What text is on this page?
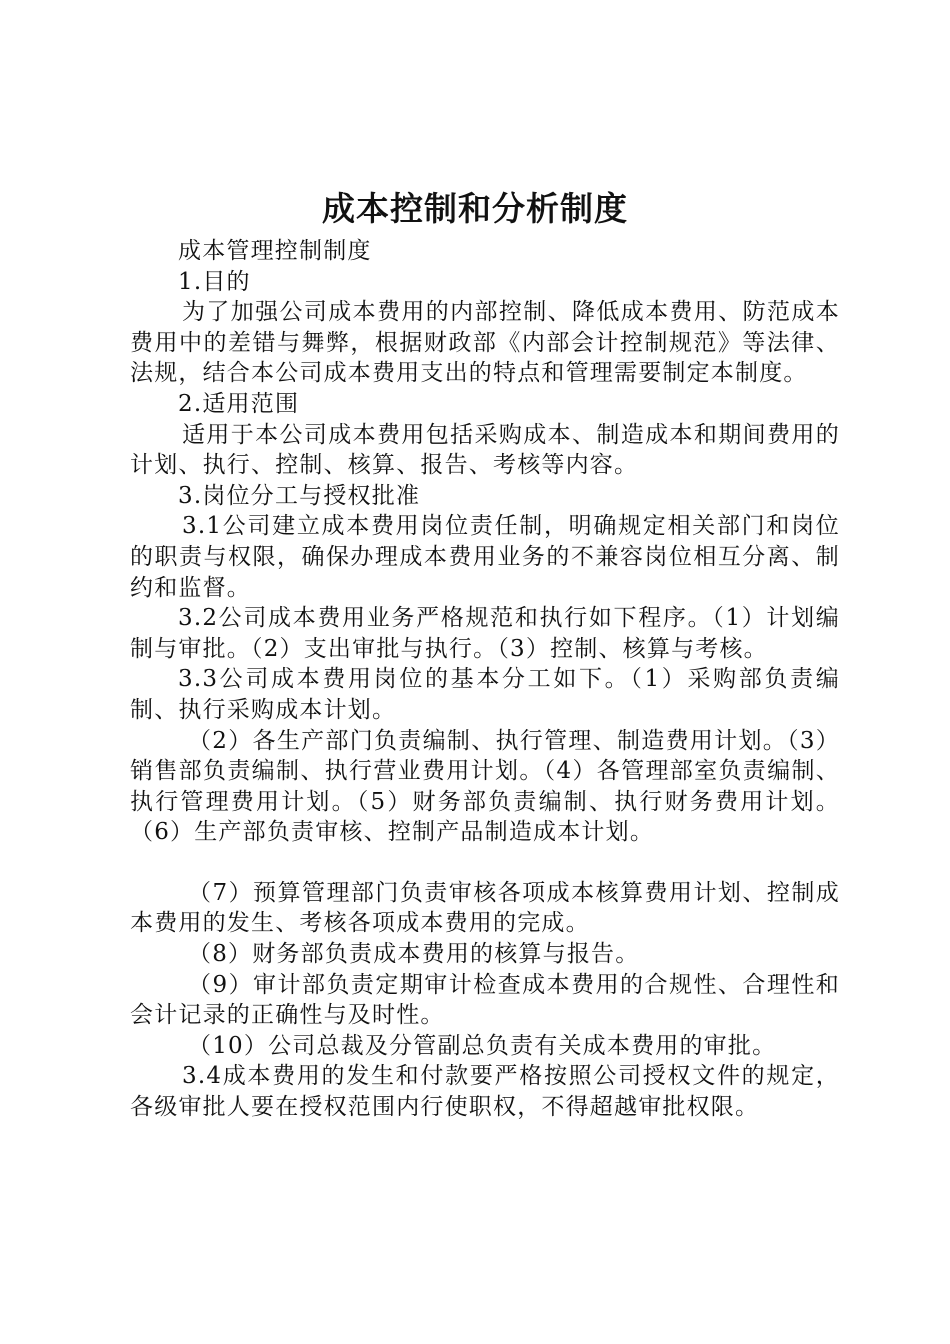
成本控制和分析制度

成本管理控制制度

1.目的

为了加强公司成本费用的内部控制、降低成本费用、防范成本费用中的差错与舞弊，根据财政部《内部会计控制规范》等法律、法规，结合本公司成本费用支出的特点和管理需要制定本制度。

2.适用范围

适用于本公司成本费用包括采购成本、制造成本和期间费用的计划、执行、控制、核算、报告、考核等内容。

3.岗位分工与授权批准

3.1公司建立成本费用岗位责任制，明确规定相关部门和岗位的职责与权限，确保办理成本费用业务的不兼容岗位相互分离、制约和监督。

3.2公司成本费用业务严格规范和执行如下程序。（1）计划编制与审批。（2）支出审批与执行。（3）控制、核算与考核。

3.3公司成本费用岗位的基本分工如下。（1）采购部负责编制、执行采购成本计划。

（2）各生产部门负责编制、执行管理、制造费用计划。（3）销售部负责编制、执行营业费用计划。（4）各管理部室负责编制、执行管理费用计划。（5）财务部负责编制、执行财务费用计划。（6）生产部负责审核、控制产品制造成本计划。

（7）预算管理部门负责审核各项成本核算费用计划、控制成本费用的发生、考核各项成本费用的完成。

（8）财务部负责成本费用的核算与报告。

（9）审计部负责定期审计检查成本费用的合规性、合理性和会计记录的正确性与及时性。

（10）公司总裁及分管副总负责有关成本费用的审批。

3.4成本费用的发生和付款要严格按照公司授权文件的规定，各级审批人要在授权范围内行使职权，不得超越审批权限。
